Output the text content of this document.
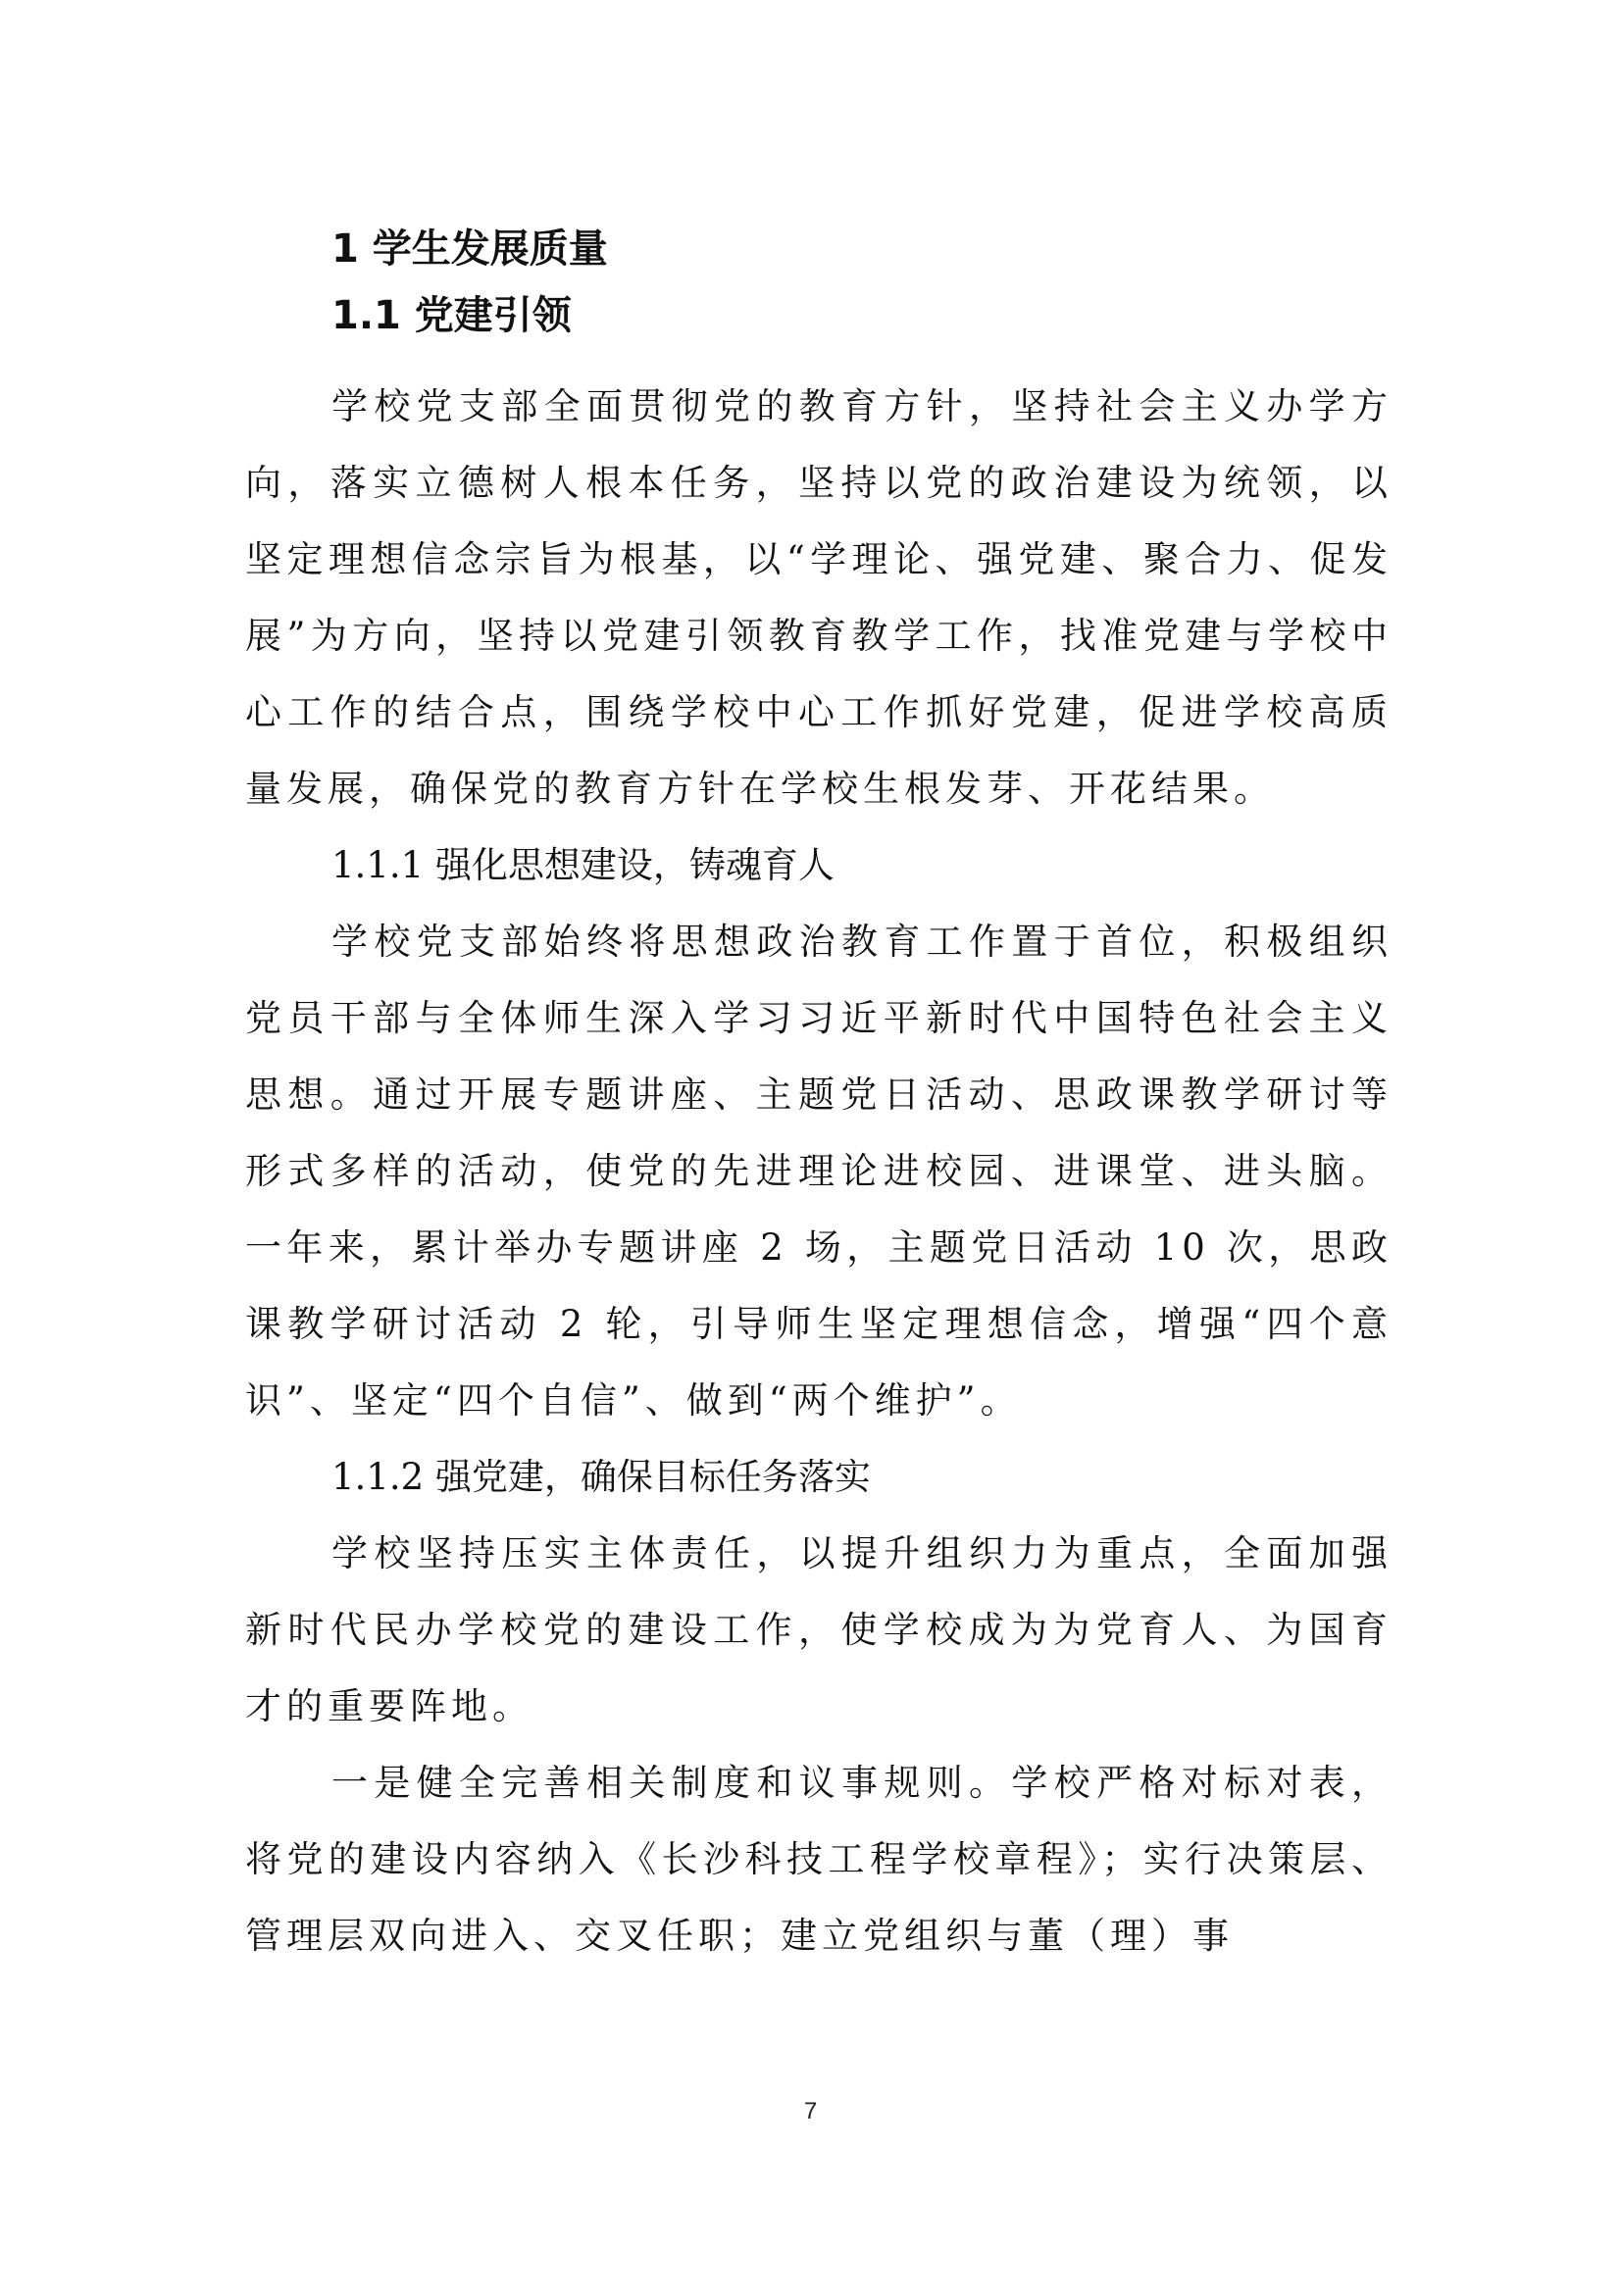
1 学生发展质量
1.1 党建引领

学校党支部全面贯彻党的教育方针，坚持社会主义办学方向，落实立德树人根本任务，坚持以党的政治建设为统领，以坚定理想信念宗旨为根基，以“学理论、强党建、聚合力、促发展”为方向，坚持以党建引领教育教学工作，找准党建与学校中心工作的结合点，围绕学校中心工作抓好党建，促进学校高质量发展，确保党的教育方针在学校生根发芽、开花结果。

1.1.1 强化思想建设，铸魂育人

学校党支部始终将思想政治教育工作置于首位，积极组织党员干部与全体师生深入学习习近平新时代中国特色社会主义思想。通过开展专题讲座、主题党日活动、思政课教学研讨等形式多样的活动，使党的先进理论进校园、进课堂、进头脑。一年来，累计举办专题讲座 2 场，主题党日活动 10 次，思政课教学研讨活动 2 轮，引导师生坚定理想信念，增强“四个意识”、坚定“四个自信”、做到“两个维护”。

1.1.2 强党建，确保目标任务落实

学校坚持压实主体责任，以提升组织力为重点，全面加强新时代民办学校党的建设工作，使学校成为为党育人、为国育才的重要阵地。

一是健全完善相关制度和议事规则。学校严格对标对表，将党的建设内容纳入《长沙科技工程学校章程》；实行决策层、管理层双向进入、交叉任职；建立党组织与董（理）事

7
